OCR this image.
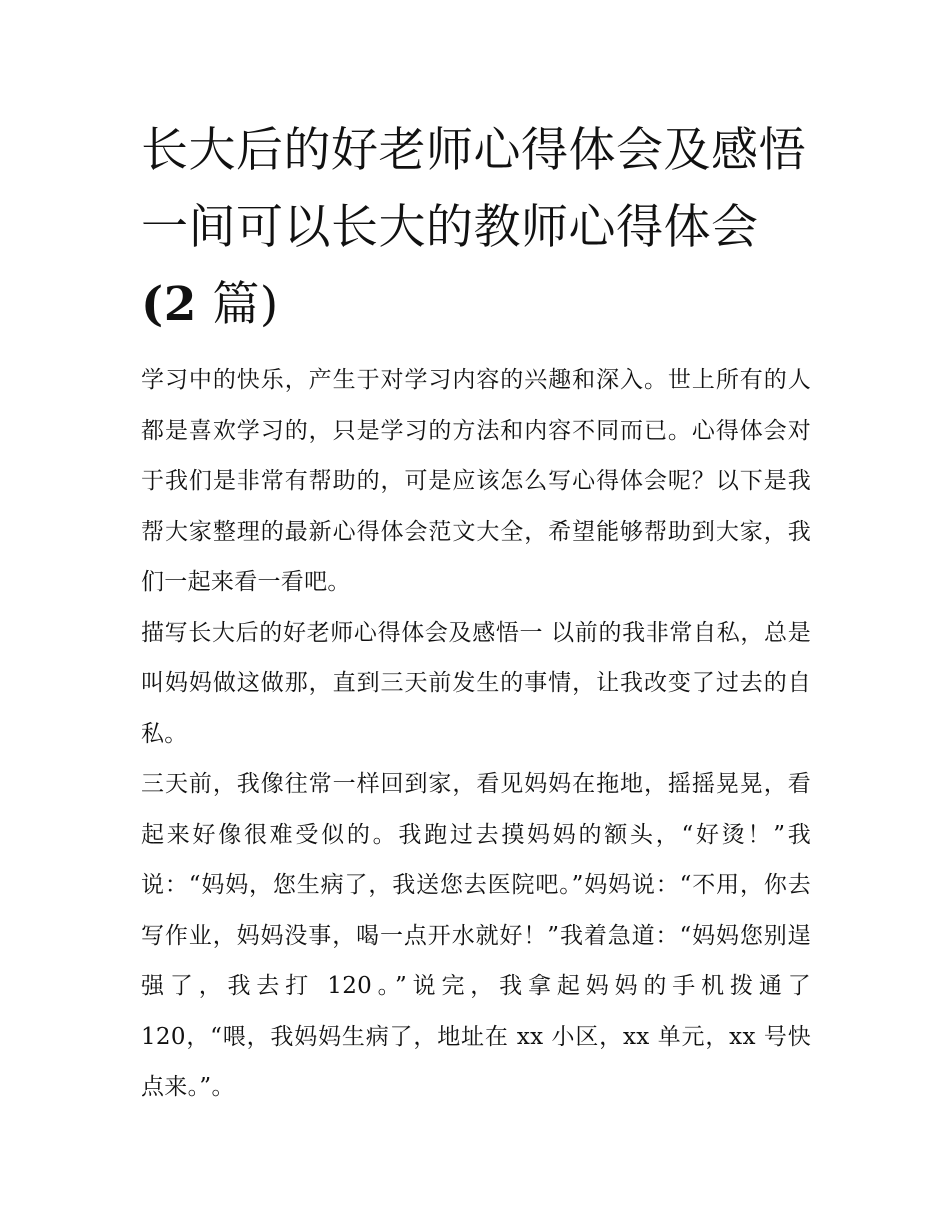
长大后的好老师心得体会及感悟 一间可以长大的教师心得体会(2 篇)

学习中的快乐，产生于对学习内容的兴趣和深入。世上所有的人都是喜欢学习的，只是学习的方法和内容不同而已。心得体会对于我们是非常有帮助的，可是应该怎么写心得体会呢？以下是我帮大家整理的最新心得体会范文大全，希望能够帮助到大家，我们一起来看一看吧。

描写长大后的好老师心得体会及感悟一 以前的我非常自私，总是叫妈妈做这做那，直到三天前发生的事情，让我改变了过去的自私。

三天前，我像往常一样回到家，看见妈妈在拖地，摇摇晃晃，看起来好像很难受似的。我跑过去摸妈妈的额头，“好烫！”我说：“妈妈，您生病了，我送您去医院吧。”妈妈说：“不用，你去写作业，妈妈没事，喝一点开水就好！”我着急道：“妈妈您别逞强了，我去打 120。”说完，我拿起妈妈的手机拨通了 120，“喂，我妈妈生病了，地址在 xx 小区，xx 单元，xx 号快点来。”。
